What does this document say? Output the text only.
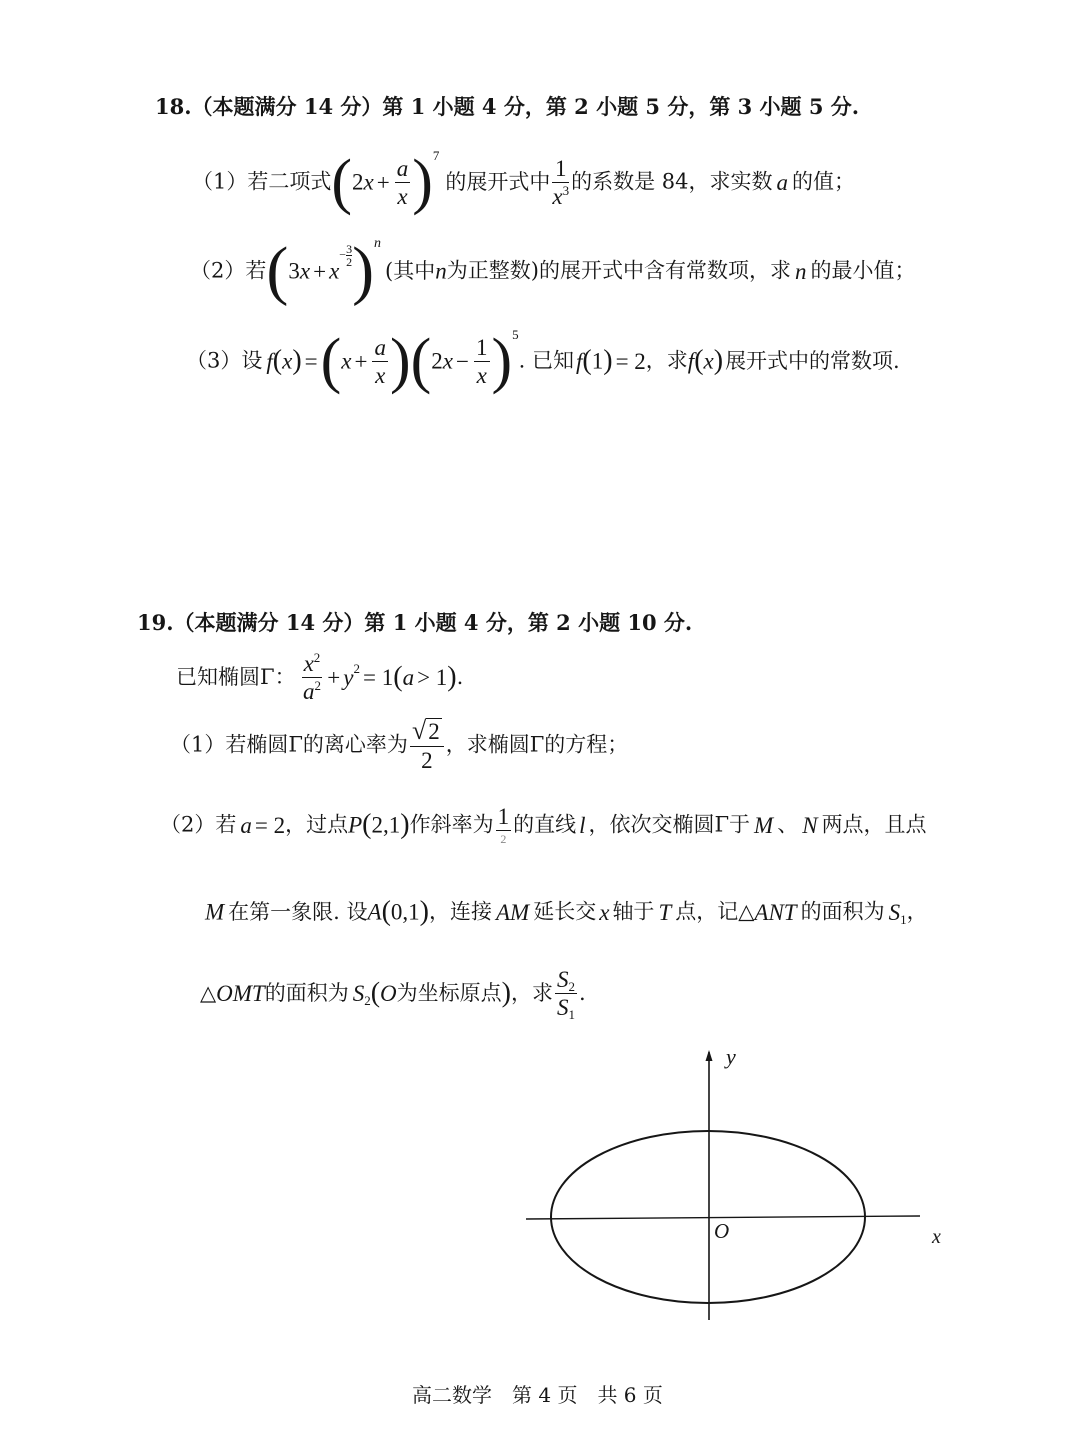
18.（本题满分 14 分）第 1 小题 4 分，第 2 小题 5 分，第 3 小题 5 分.
（1）若二项式$(2x + \frac{a}{x} )^7$的展开式中 $\frac{1}{x^3}$ 的系数是 84，求实数 a 的值；
（2）若$(3x + x- \frac{3}{2} )^n$(其中n为正整数)的展开式中含有常数项，求 n 的最小值；
（3）设 $f(x) =(x + \frac{a}{x} )(2x - \frac{1}{x} )^5$. 已知f(1) = 2，求f(x)展开式中的常数项.
19.（本题满分 14 分）第 1 小题 4 分，第 2 小题 10 分.
已知椭圆Γ： $\frac{x^2}{a^2} + y^2 = 1(a > 1)$.
（1）若椭圆Γ的离心率为 $\frac{√2}{2}$ ，求椭圆Γ的方程；
（2）若 a = 2，过点P(2,1)作斜率为 $\frac{1}{2}$ 的直线 l ，依次交椭圆Γ于 M 、 N 两点，且点
M 在第一象限. 设A(0,1)，连接 AM 延长交 x 轴于 T 点，记△ANT 的面积为 $S_1$，
△OMT的面积为 $S_2(O$为坐标原点)，求 $\frac{S2}{S1}$ .
y
x
O
高二数学　第 4 页　共 6 页
